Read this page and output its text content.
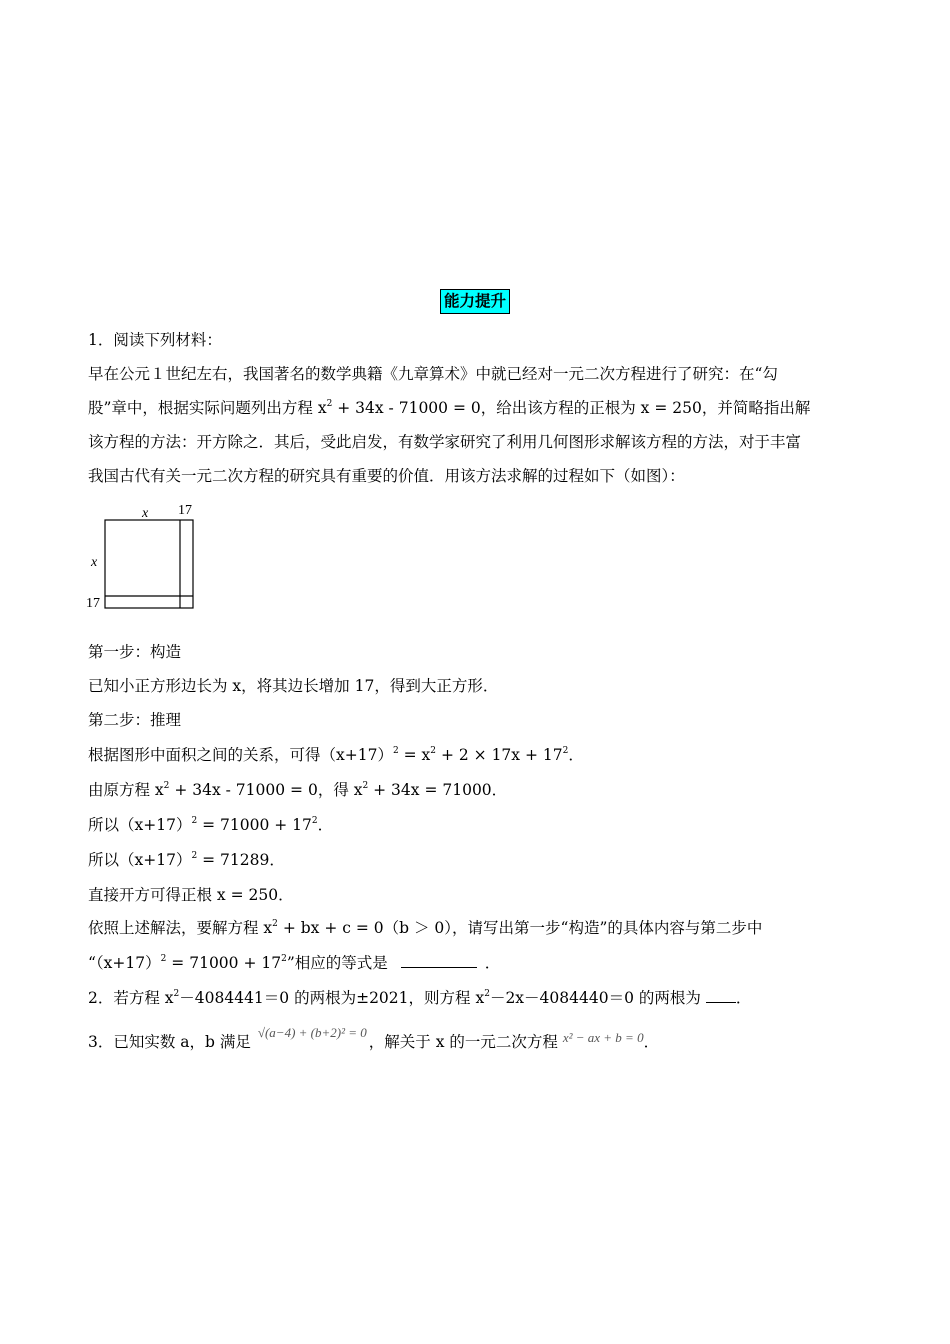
能力提升
1．阅读下列材料：
早在公元１世纪左右，我国著名的数学典籍《九章算术》中就已经对一元二次方程进行了研究：在“勾
股”章中，根据实际问题列出方程 $x^2 + 34x - 71000 = 0$，给出该方程的正根为 x = 250，并简略指出解
该方程的方法：开方除之．其后，受此启发，有数学家研究了利用几何图形求解该方程的方法，对于丰富
我国古代有关一元二次方程的研究具有重要的价值．用该方法求解的过程如下（如图）：
x 17
x
17
第一步：构造
已知小正方形边长为 x，将其边长增加 17，得到大正方形．
第二步：推理
根据图形中面积之间的关系，可得$(x+17)^2 = x^2 + 2 \times 17x + 17^2$．
由原方程 $x^2 + 34x - 71000 = 0$，得 $x^2 + 34x = 71000$．
所以$(x+17)^2 = 71000 + 17^2$．
所以$(x+17)^2 = 71289$．
直接开方可得正根 x = 250．
依照上述解法，要解方程 $x^2$ + bx + c = 0（b ＞ 0），请写出第一步“构造”的具体内容与第二步中
“$(x+17)^2 = 71000 + 17^2$”相应的等式是	．
2．若方程 $x^2-4084441=0$ 的两根为±2021，则方程 $x^2-2x-4084440=0$ 的两根为 ．
3．已知实数 a，b 满足 $^{√(a-4) + (b+2)^2 = 0}$，解关于 x 的一元二次方程 $^{x^2 - ax + b = 0}$．
